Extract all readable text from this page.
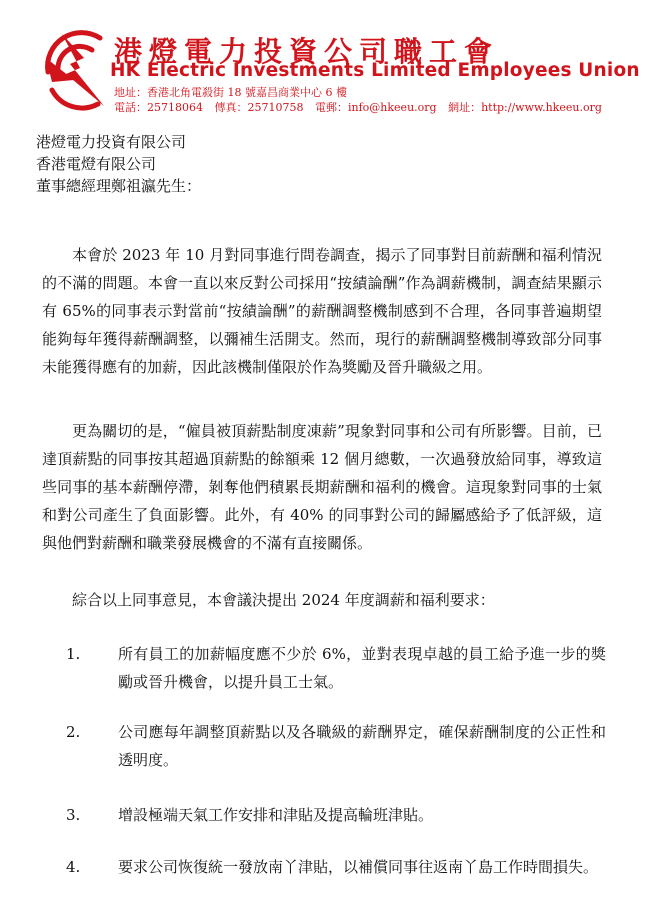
港燈電力投資公司職工會
HK Electric Investments Limited Employees Union
地址：香港北角電殺街 18 號嘉昌商業中心 6 樓
電話：25718064 傳真：25710758 電郵：info@hkeeu.org 網址：http://www.hkeeu.org
港燈電力投資有限公司
香港電燈有限公司
董事總經理鄭祖瀛先生：

本會於 2023 年 10 月對同事進行問卷調查，揭示了同事對目前薪酬和福利情況的不滿的問題。本會一直以來反對公司採用“按績論酬”作為調薪機制，調查結果顯示有 65%的同事表示對當前“按績論酬”的薪酬調整機制感到不合理，各同事普遍期望能夠每年獲得薪酬調整，以彌補生活開支。然而，現行的薪酬調整機制導致部分同事未能獲得應有的加薪，因此該機制僅限於作為獎勵及晉升職級之用。

更為關切的是，“僱員被頂薪點制度凍薪”現象對同事和公司有所影響。目前，已達頂薪點的同事按其超過頂薪點的餘額乘 12 個月總數，一次過發放給同事，導致這些同事的基本薪酬停滯，剝奪他們積累長期薪酬和福利的機會。這現象對同事的士氣和對公司產生了負面影響。此外，有 40% 的同事對公司的歸屬感給予了低評級，這與他們對薪酬和職業發展機會的不滿有直接關係。

綜合以上同事意見，本會議決提出 2024 年度調薪和福利要求：

1.	所有員工的加薪幅度應不少於 6%，並對表現卓越的員工給予進一步的獎勵或晉升機會，以提升員工士氣。
2.	公司應每年調整頂薪點以及各職級的薪酬界定，確保薪酬制度的公正性和透明度。
3.	增設極端天氣工作安排和津貼及提高輪班津貼。
4.	要求公司恢復統一發放南丫津貼，以補償同事往返南丫島工作時間損失。
